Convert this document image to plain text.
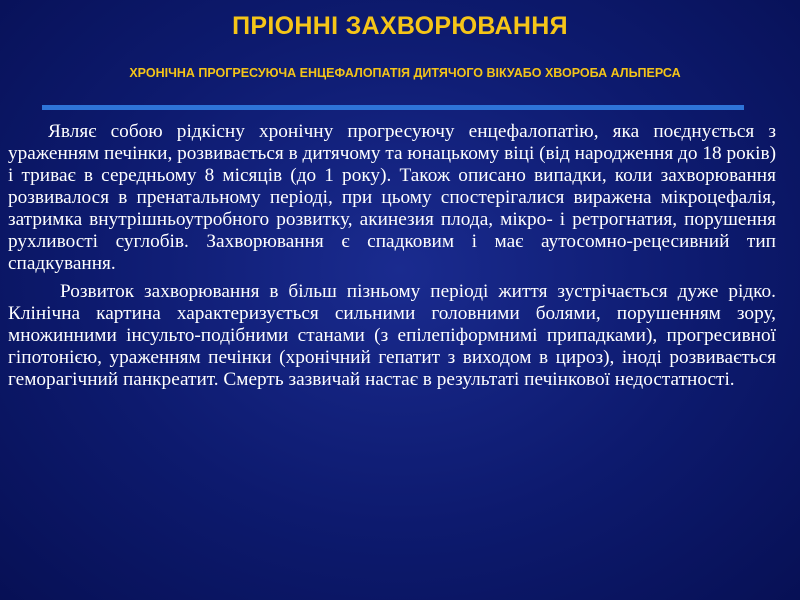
ПРІОННІ ЗАХВОРЮВАННЯ
ХРОНІЧНА ПРОГРЕСУЮЧА ЕНЦЕФАЛОПАТІЯ ДИТЯЧОГО ВІКУАБО ХВОРОБА АЛЬПЕРСА

Являє собою рідкісну хронічну прогресуючу енцефалопатію, яка поєднується з ураженням печінки, розвивається в дитячому та юнацькому віці (від народження до 18 років) і триває в середньому 8 місяців (до 1 року). Також описано випадки, коли захворювання розвивалося в пренатальному періоді, при цьому спостерігалися виражена мікроцефалія, затримка внутрішньоутробного розвитку, акинезия плода, мікро- і ретрогнатия, порушення рухливості суглобів. Захворювання є спадковим і має аутосомно-рецесивний тип спадкування.

Розвиток захворювання в більш пізньому періоді життя зустрічається дуже рідко. Клінічна картина характеризується сильними головними болями, порушенням зору, множинними інсульто-подібними станами (з епілепіформнимі припадками), прогресивної гіпотонією, ураженням печінки (хронічний гепатит з виходом в цироз), іноді розвивається геморагічний панкреатит. Смерть зазвичай настає в результаті печінкової недостатності.
